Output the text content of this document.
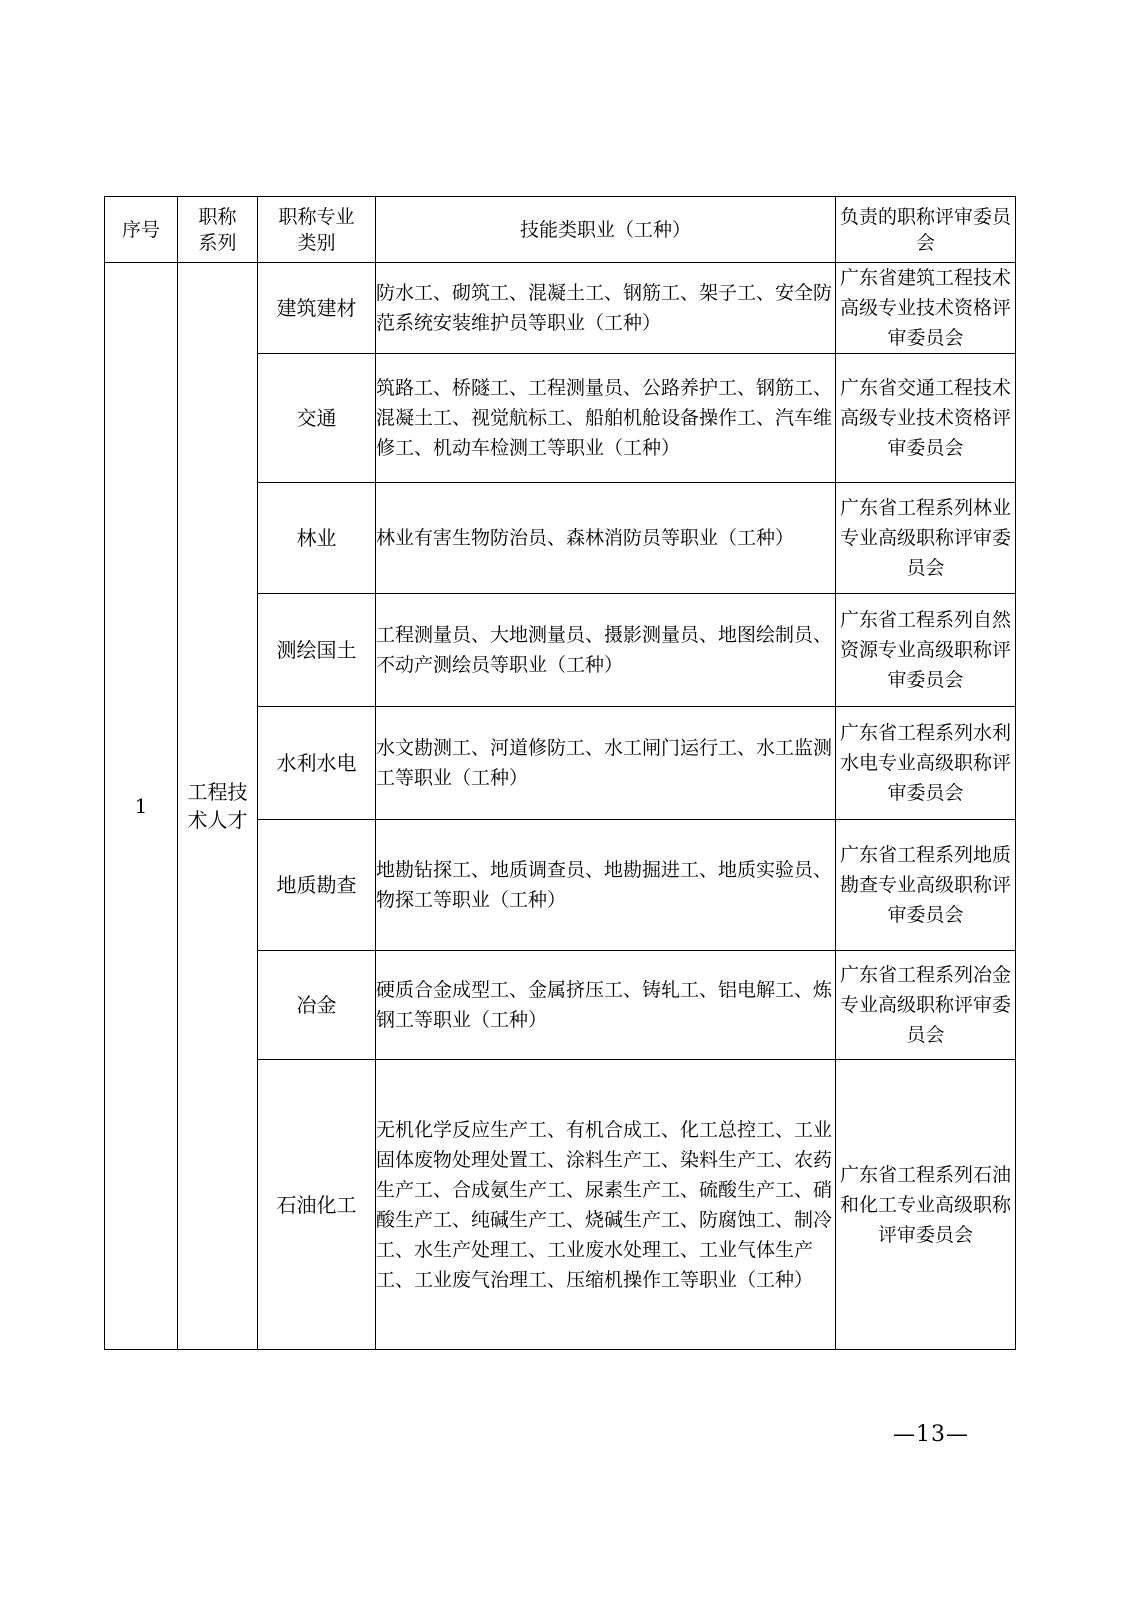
序号	职称系列	职称专业类别	技能类职业（工种）	负责的职称评审委员会

1	工程技术人才	建筑建材	防水工、砌筑工、混凝土工、钢筋工、架子工、安全防范系统安装维护员等职业（工种）	广东省建筑工程技术高级专业技术资格评审委员会
		交通	筑路工、桥隧工、工程测量员、公路养护工、钢筋工、混凝土工、视觉航标工、船舶机舱设备操作工、汽车维修工、机动车检测工等职业（工种）	广东省交通工程技术高级专业技术资格评审委员会
		林业	林业有害生物防治员、森林消防员等职业（工种）	广东省工程系列林业专业高级职称评审委员会
		测绘国土	工程测量员、大地测量员、摄影测量员、地图绘制员、不动产测绘员等职业（工种）	广东省工程系列自然资源专业高级职称评审委员会
		水利水电	水文勘测工、河道修防工、水工闸门运行工、水工监测工等职业（工种）	广东省工程系列水利水电专业高级职称评审委员会
		地质勘查	地勘钻探工、地质调查员、地勘掘进工、地质实验员、物探工等职业（工种）	广东省工程系列地质勘查专业高级职称评审委员会
		冶金	硬质合金成型工、金属挤压工、铸轧工、铝电解工、炼钢工等职业（工种）	广东省工程系列冶金专业高级职称评审委员会
		石油化工	无机化学反应生产工、有机合成工、化工总控工、工业固体废物处理处置工、涂料生产工、染料生产工、农药生产工、合成氨生产工、尿素生产工、硫酸生产工、硝酸生产工、纯碱生产工、烧碱生产工、防腐蚀工、制冷工、水生产处理工、工业废水处理工、工业气体生产工、工业废气治理工、压缩机操作工等职业（工种）	广东省工程系列石油和化工专业高级职称评审委员会
—13—
